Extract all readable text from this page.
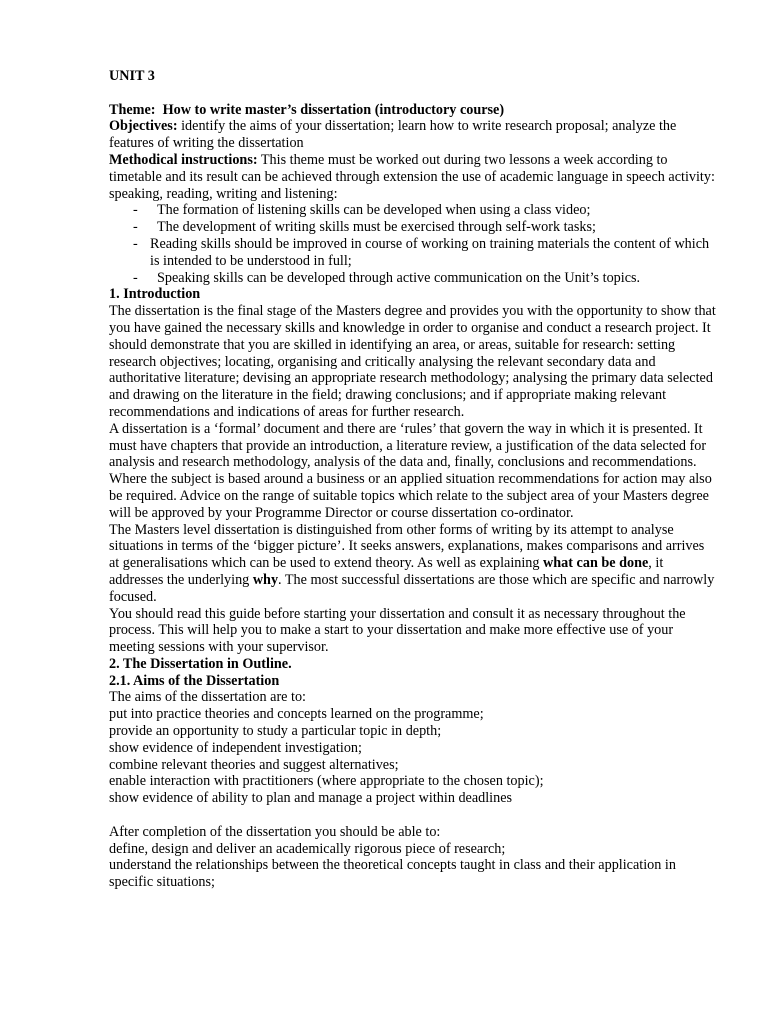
UNIT 3

Theme: How to write master’s dissertation (introductory course)

Objectives: identify the aims of your dissertation; learn how to write research proposal; analyze the features of writing the dissertation

Methodical instructions: This theme must be worked out during two lessons a week according to timetable and its result can be achieved through extension the use of academic language in speech activity: speaking, reading, writing and listening:

- The formation of listening skills can be developed when using a class video;
- The development of writing skills must be exercised through self-work tasks;
- Reading skills should be improved in course of working on training materials the content of which is intended to be understood in full;
- Speaking skills can be developed through active communication on the Unit’s topics.

1. Introduction

The dissertation is the final stage of the Masters degree and provides you with the opportunity to show that you have gained the necessary skills and knowledge in order to organise and conduct a research project. It should demonstrate that you are skilled in identifying an area, or areas, suitable for research: setting research objectives; locating, organising and critically analysing the relevant secondary data and authoritative literature; devising an appropriate research methodology; analysing the primary data selected and drawing on the literature in the field; drawing conclusions; and if appropriate making relevant recommendations and indications of areas for further research.

A dissertation is a ‘formal’ document and there are ‘rules’ that govern the way in which it is presented. It must have chapters that provide an introduction, a literature review, a justification of the data selected for analysis and research methodology, analysis of the data and, finally, conclusions and recommendations. Where the subject is based around a business or an applied situation recommendations for action may also be required. Advice on the range of suitable topics which relate to the subject area of your Masters degree will be approved by your Programme Director or course dissertation co-ordinator.

The Masters level dissertation is distinguished from other forms of writing by its attempt to analyse situations in terms of the ‘bigger picture’. It seeks answers, explanations, makes comparisons and arrives at generalisations which can be used to extend theory. As well as explaining what can be done, it addresses the underlying why. The most successful dissertations are those which are specific and narrowly focused.

You should read this guide before starting your dissertation and consult it as necessary throughout the process. This will help you to make a start to your dissertation and make more effective use of your meeting sessions with your supervisor.

2. The Dissertation in Outline.

2.1. Aims of the Dissertation

The aims of the dissertation are to:

put into practice theories and concepts learned on the programme;

provide an opportunity to study a particular topic in depth;

show evidence of independent investigation;

combine relevant theories and suggest alternatives;

enable interaction with practitioners (where appropriate to the chosen topic);

show evidence of ability to plan and manage a project within deadlines

After completion of the dissertation you should be able to:

define, design and deliver an academically rigorous piece of research;

understand the relationships between the theoretical concepts taught in class and their application in specific situations;
